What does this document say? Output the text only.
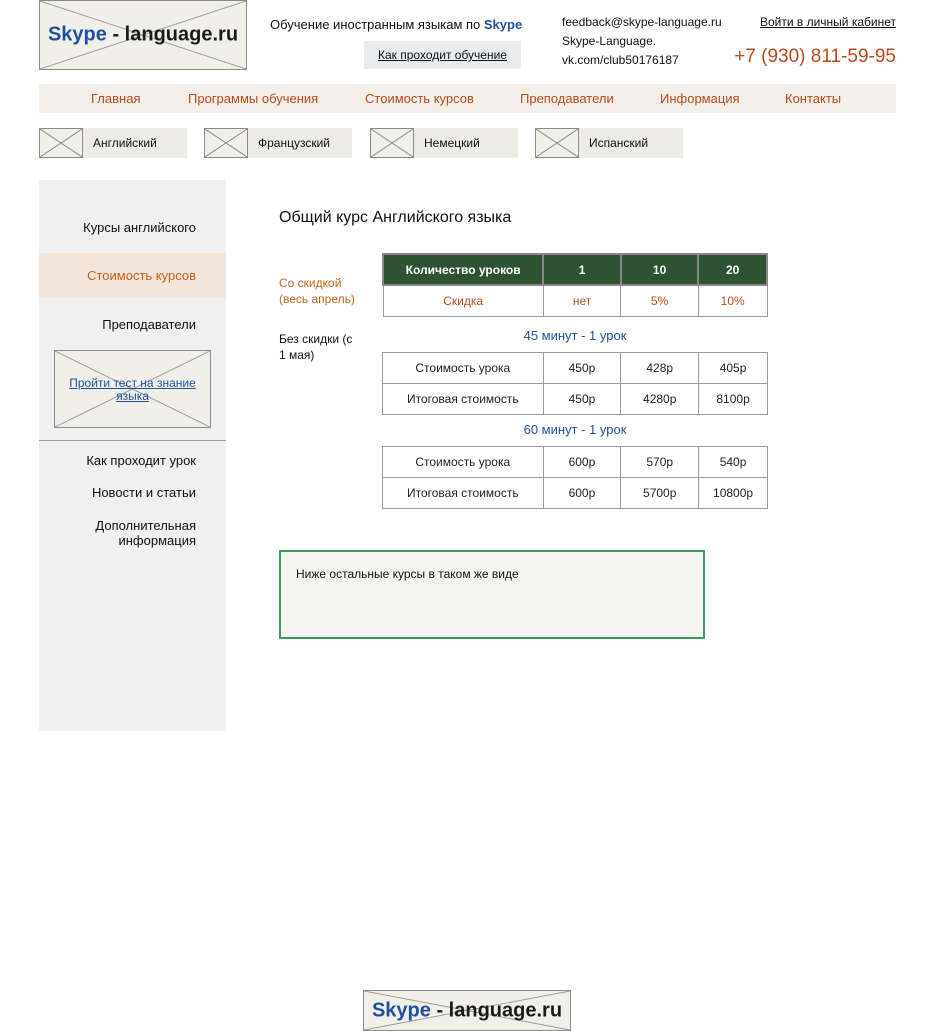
Skype - language.ru	Обучение иностранным языкам по Skype
Как проходит обучение
feedback@skype-language.ru
Skype-Language.
vk.com/club50176187
Войти в личный кабинет
+7 (930) 811-59-95
Главная	Программы обучения	Стоимость курсов	Преподаватели	Информация	Контакты
Английский	Французский	Немецкий	Испанский
Курсы английского
Стоимость курсов
Преподаватели
Пройти тест на знание языка
Как проходит урок
Новости и статьи
Дополнительная информация
Общий курс Английского языка
Со скидкой (весь апрель)
Без скидки (с 1 мая)
Количество уроков	1	10	20
Скидка	нет	5%	10%
45 минут - 1 урок
Стоимость урока	450р	428р	405р
Итоговая стоимость	450р	4280р	8100р
60 минут - 1 урок
Стоимость урока	600р	570р	540р
Итоговая стоимость	600р	5700р	10800р
Ниже остальные курсы в таком же виде
Skype - language.ru
